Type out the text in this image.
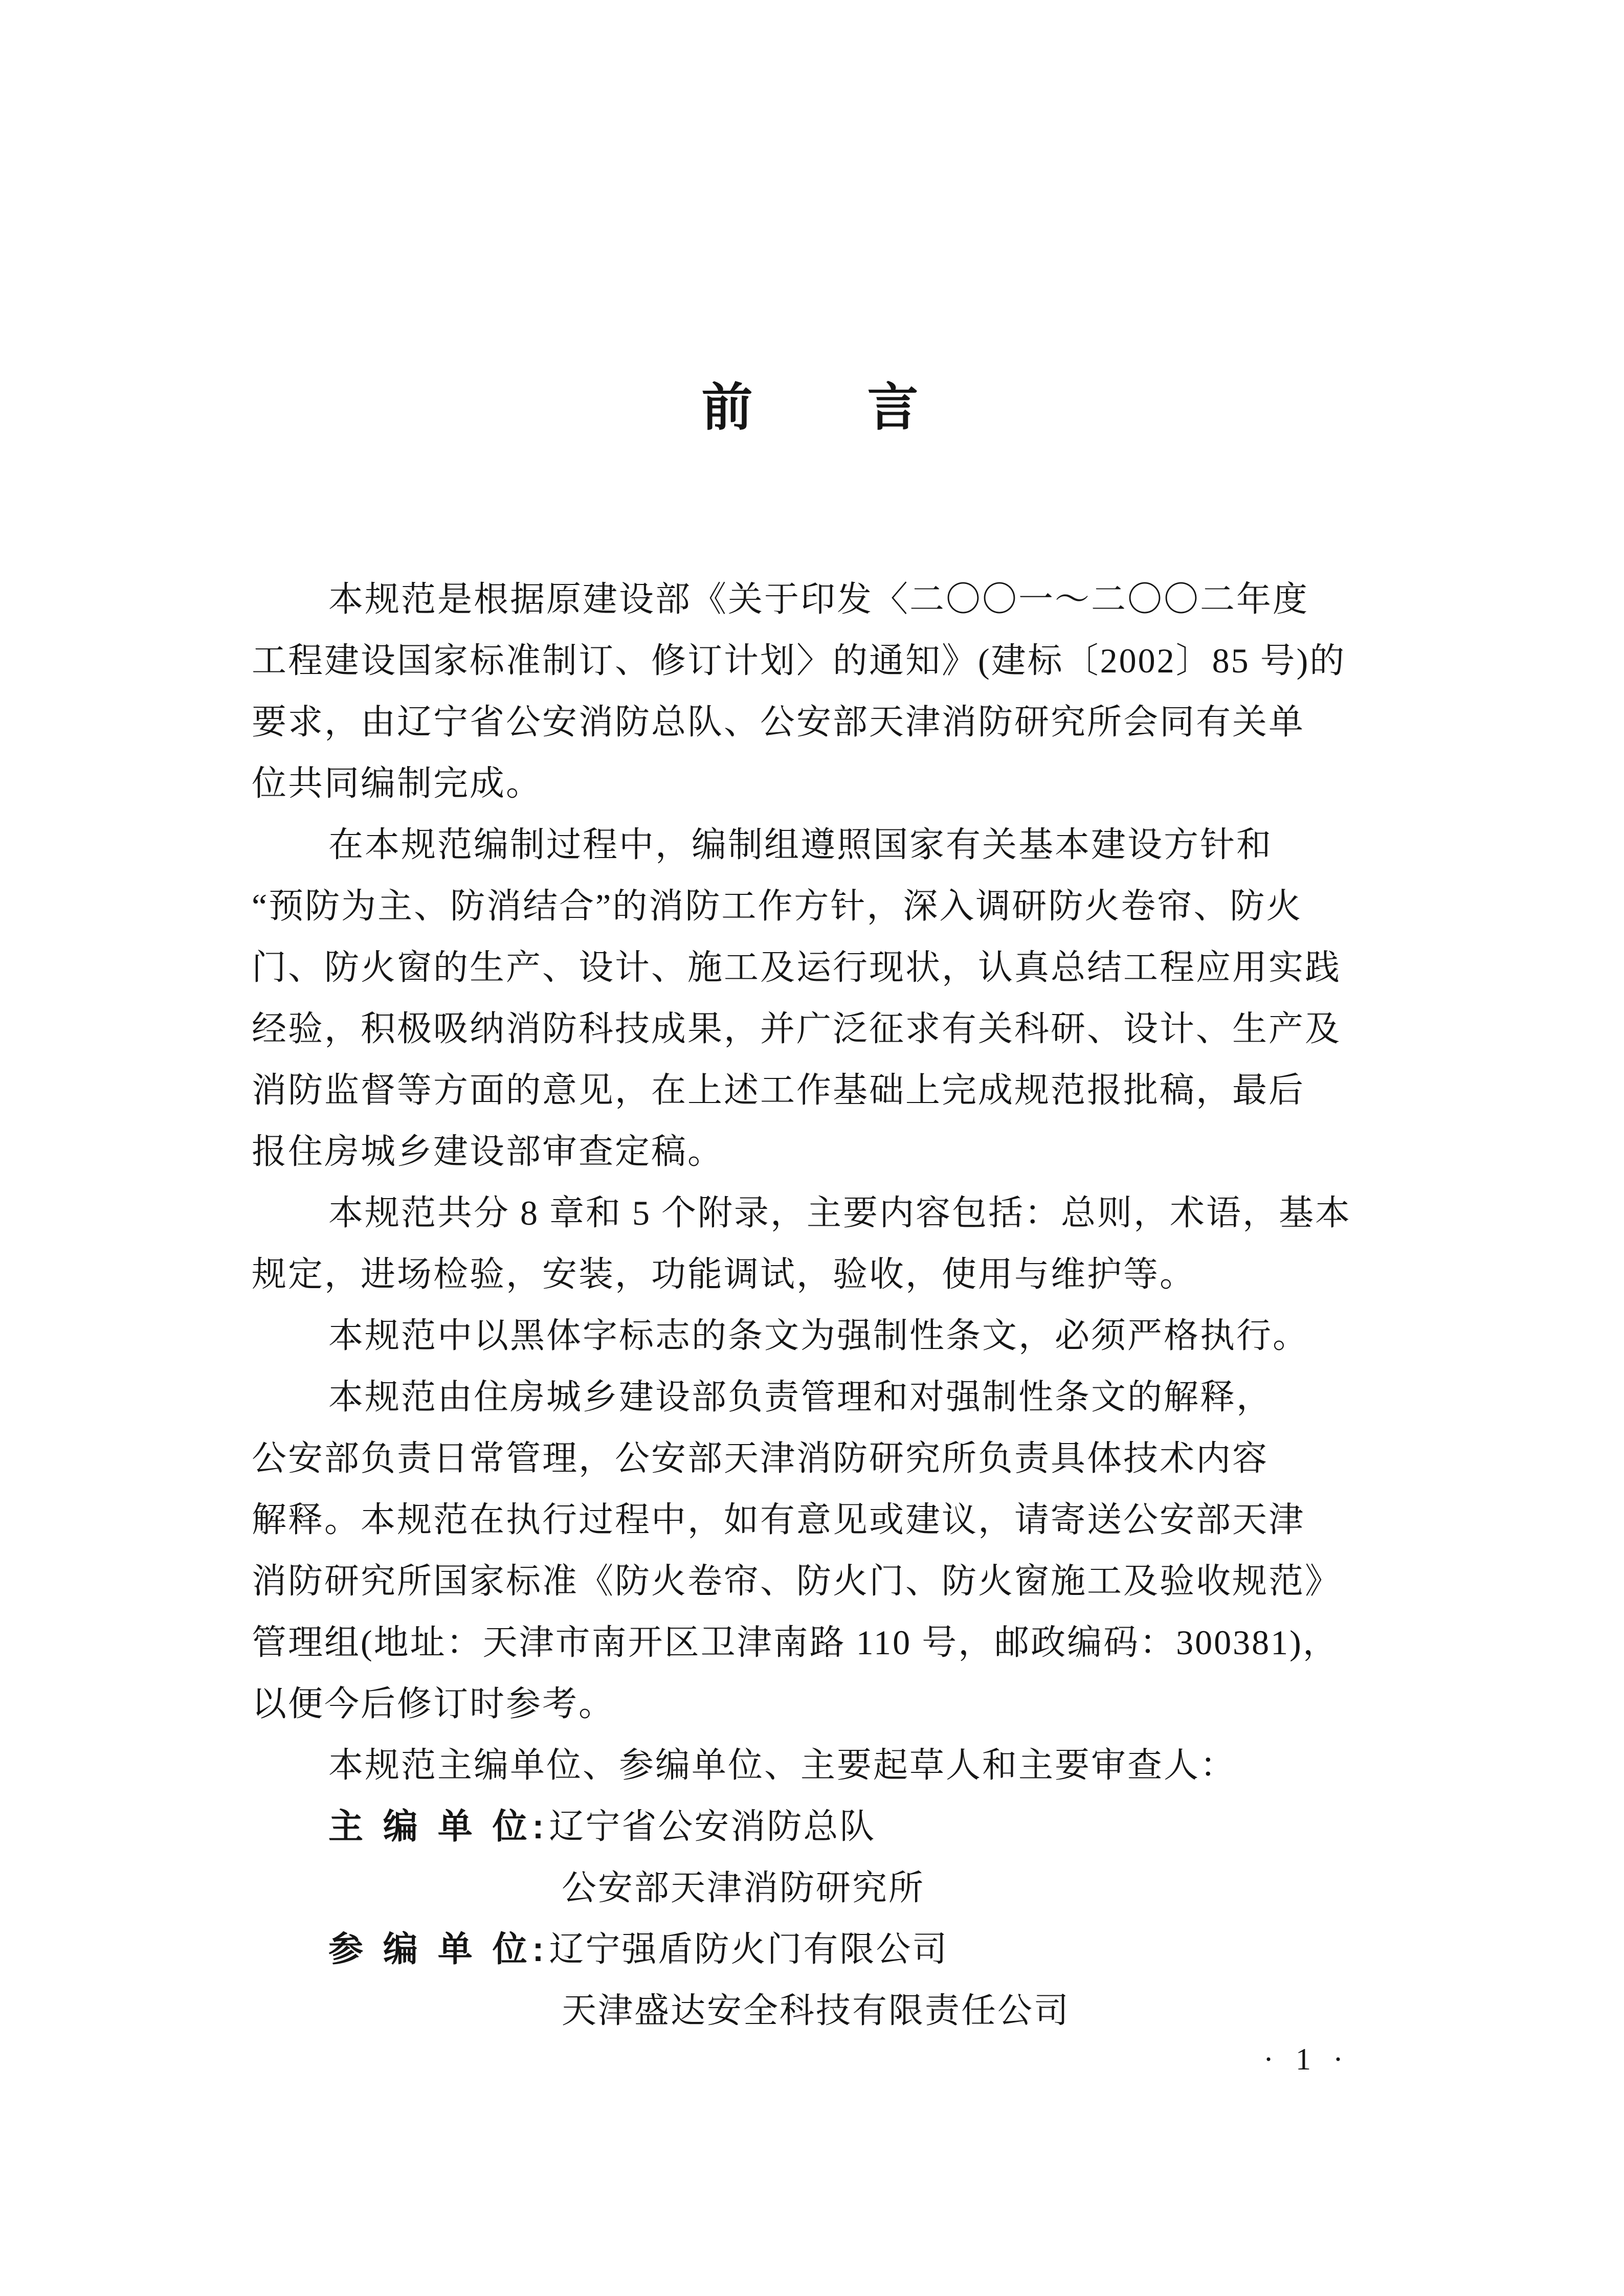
前　　言
本规范是根据原建设部《关于印发〈二〇〇一～二〇〇二年度
工程建设国家标准制订、修订计划〉的通知》(建标〔2002〕85 号)的
要求，由辽宁省公安消防总队、公安部天津消防研究所会同有关单
位共同编制完成。
在本规范编制过程中，编制组遵照国家有关基本建设方针和
“预防为主、防消结合”的消防工作方针，深入调研防火卷帘、防火
门、防火窗的生产、设计、施工及运行现状，认真总结工程应用实践
经验，积极吸纳消防科技成果，并广泛征求有关科研、设计、生产及
消防监督等方面的意见，在上述工作基础上完成规范报批稿，最后
报住房城乡建设部审查定稿。
本规范共分 8 章和 5 个附录，主要内容包括：总则，术语，基本
规定，进场检验，安装，功能调试，验收，使用与维护等。
本规范中以黑体字标志的条文为强制性条文，必须严格执行。
本规范由住房城乡建设部负责管理和对强制性条文的解释，
公安部负责日常管理，公安部天津消防研究所负责具体技术内容
解释。本规范在执行过程中，如有意见或建议，请寄送公安部天津
消防研究所国家标准《防火卷帘、防火门、防火窗施工及验收规范》
管理组(地址：天津市南开区卫津南路 110 号，邮政编码：300381)，
以便今后修订时参考。
本规范主编单位、参编单位、主要起草人和主要审查人：
主 编 单 位:辽宁省公安消防总队
公安部天津消防研究所
参 编 单 位:辽宁强盾防火门有限公司
天津盛达安全科技有限责任公司
· 1 ·
